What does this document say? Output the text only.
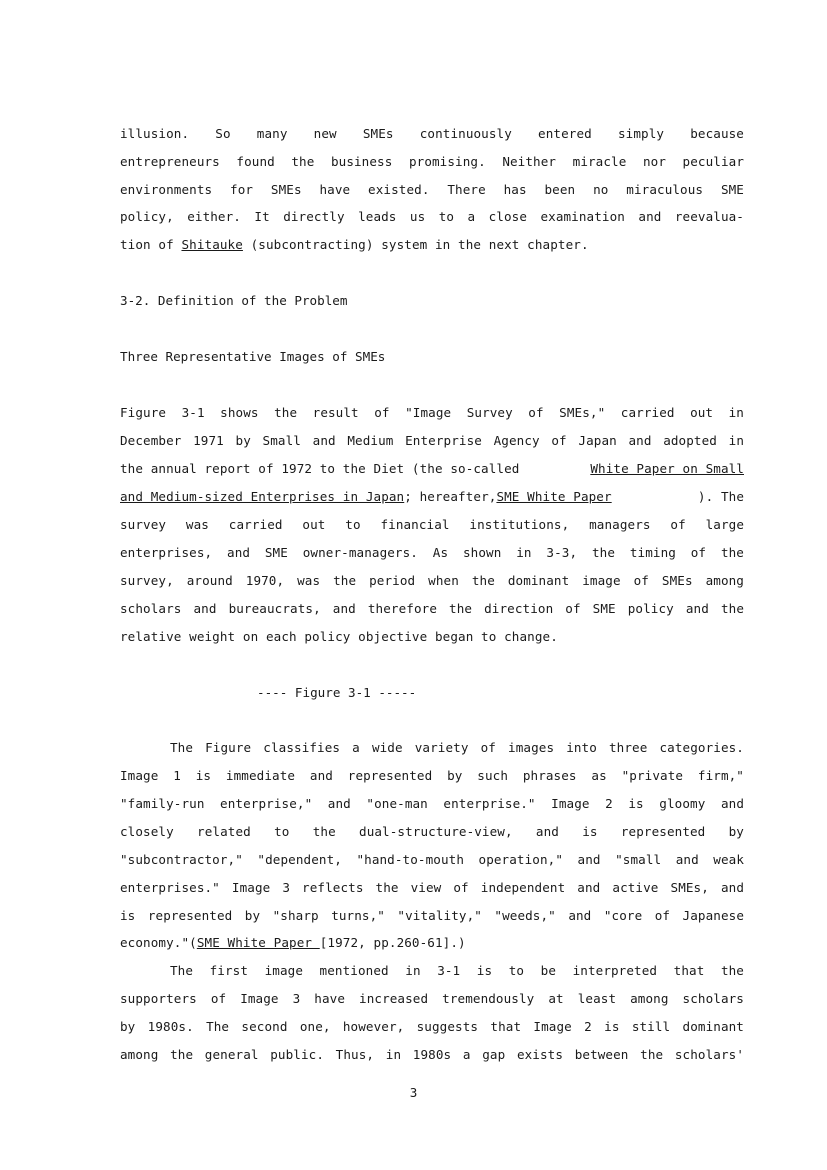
illusion. So many new SMEs continuously entered simply because
entrepreneurs found the business promising. Neither miracle nor peculiar
environments for SMEs have existed. There has been no miraculous SME
policy, either. It directly leads us to a close examination and reevalua-
tion of Shitauke (subcontracting) system in the next chapter.
3-2. Definition of the Problem
Three Representative Images of SMEs
Figure 3-1 shows the result of "Image Survey of SMEs," carried out in
December 1971 by Small and Medium Enterprise Agency of Japan and adopted in
the annual report of 1972 to the Diet (the so-called	White Paper on Small
and Medium-sized Enterprises in Japan ; hereafter, SME White Paper	). The
survey was carried out to financial institutions, managers of large
enterprises, and SME owner-managers. As shown in 3-3, the timing of the
survey, around 1970, was the period when the dominant image of SMEs among
scholars and bureaucrats, and therefore the direction of SME policy and the
relative weight on each policy objective began to change.
---- Figure 3-1 -----
The Figure classifies a wide variety of images into three categories.
Image 1 is immediate and represented by such phrases as "private firm,"
"family-run enterprise," and "one-man enterprise." Image 2 is gloomy and
closely related to the dual-structure-view, and is represented by
"subcontractor," "dependent, "hand-to-mouth operation," and "small and weak
enterprises." Image 3 reflects the view of independent and active SMEs, and
is represented by "sharp turns," "vitality," "weeds," and "core of Japanese
economy."(SME White Paper [1972, pp.260-61].)
The first image mentioned in 3-1 is to be interpreted that the
supporters of Image 3 have increased tremendously at least among scholars
by 1980s. The second one, however, suggests that Image 2 is still dominant
among the general public. Thus, in 1980s a gap exists between the scholars'
3
